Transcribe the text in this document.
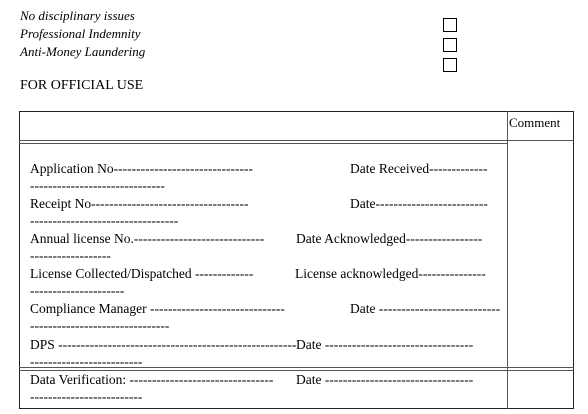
No disciplinary issues
Professional Indemnity
Anti-Money Laundering
FOR OFFICIAL USE
Comment
Application No-------------------------------	Date Received-------------
------------------------------
Receipt No-----------------------------------	Date-------------------------
---------------------------------
Annual license No.----------------------------- Date Acknowledged-----------------
------------------
License Collected/Dispatched -------------	License acknowledged---------------
---------------------
Compliance Manager ------------------------------	Date ---------------------------
-------------------------------
DPS ----------------------------------------------------- Date ---------------------------------
-------------------------
Data Verification: -------------------------------- Date ---------------------------------
-------------------------
